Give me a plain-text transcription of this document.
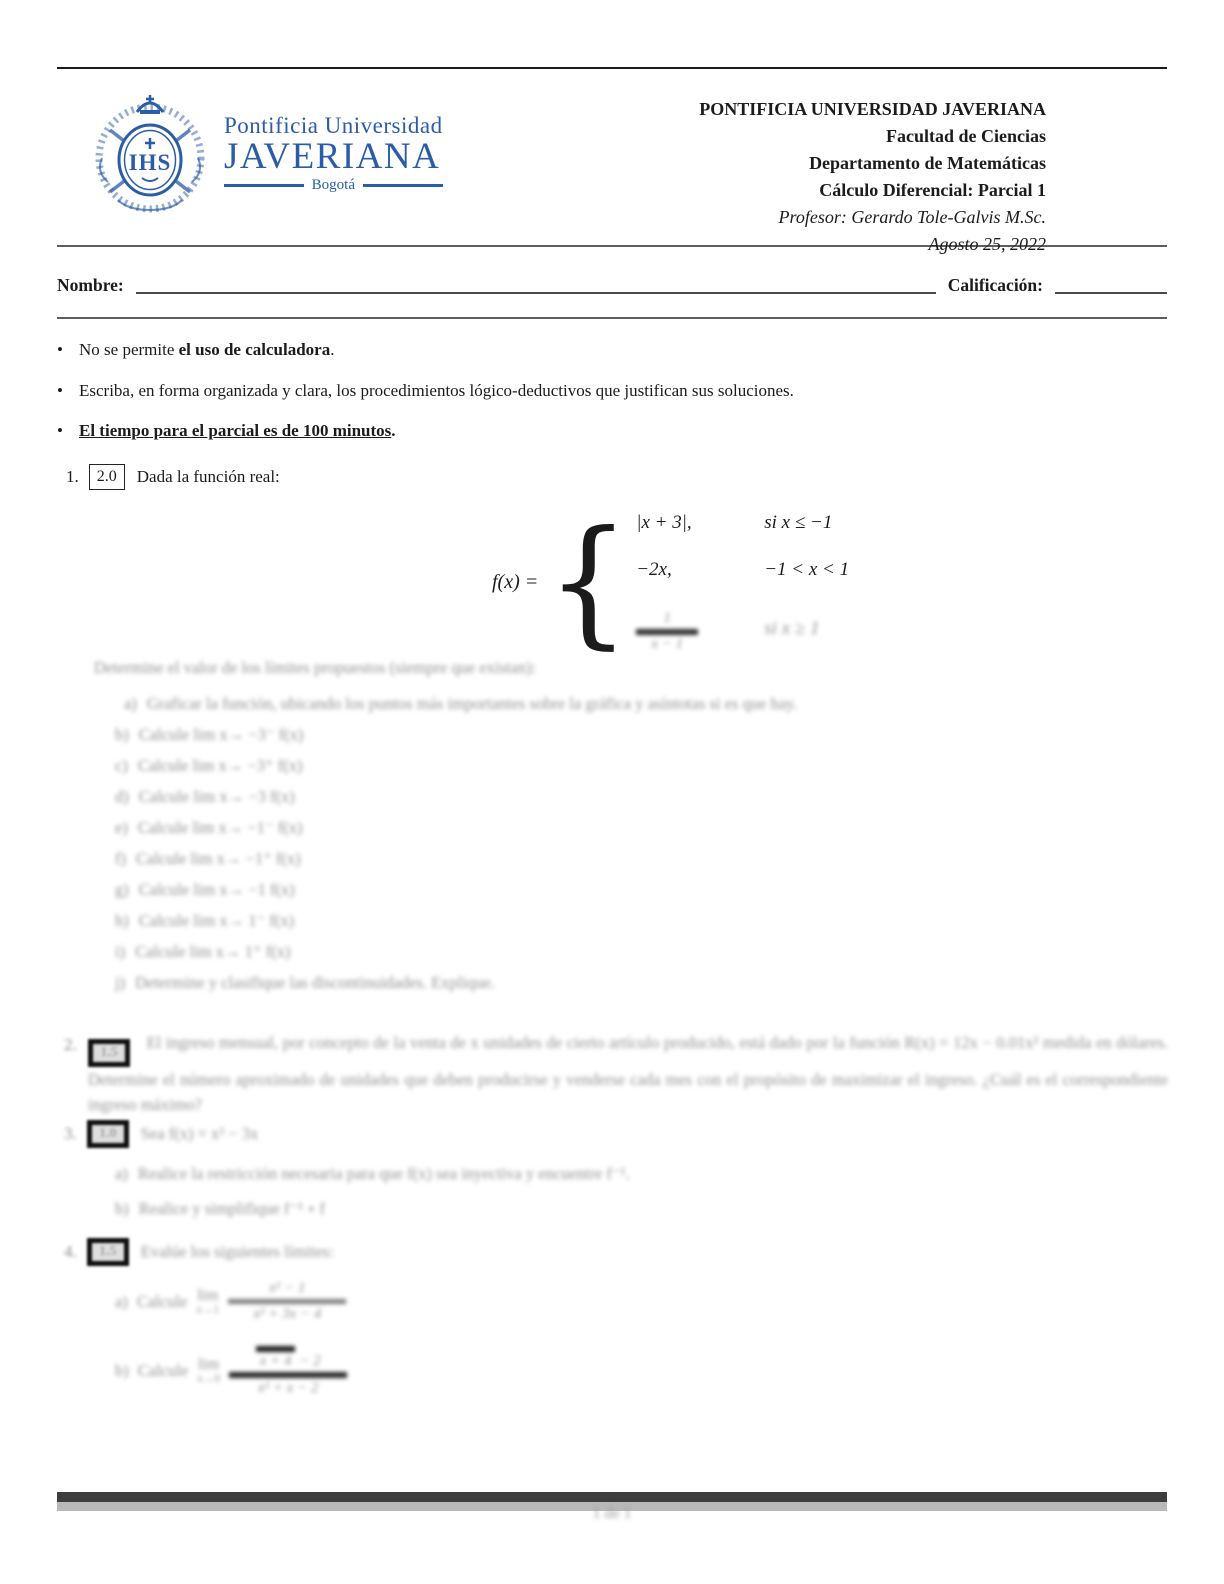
IHS
Pontificia Universidad
JAVERIANA
Bogotá
PONTIFICIA UNIVERSIDAD JAVERIANA
Facultad de Ciencias
Departamento de Matemáticas
Cálculo Diferencial: Parcial 1
Profesor: Gerardo Tole-Galvis M.Sc.
Agosto 25, 2022
Nombre:	Calificación:
•
No se permite el uso de calculadora.
•
Escriba, en forma organizada y clara, los procedimientos lógico-deductivos que justifican sus soluciones.
•
El tiempo para el parcial es de 100 minutos.
1.	2.0	Dada la función real:
f(x) = { |x + 3|,	si x ≤ −1
−2x,	−1 < x < 1
1
x − 1
si x ≥ 1
Determine el valor de los límites propuestos (siempre que existan):
a) Graficar la función, ubicando los puntos más importantes sobre la gráfica y asíntotas si es que hay.
b) Calcule lim x→ −3⁻ f(x)
c) Calcule lim x→ −3⁺ f(x)
d) Calcule lim x→ −3 f(x)
e) Calcule lim x→ −1⁻ f(x)
f) Calcule lim x→ −1⁺ f(x)
g) Calcule lim x→ −1 f(x)
h) Calcule lim x→ 1⁻ f(x)
i) Calcule lim x→ 1⁺ f(x)
j) Determine y clasifique las discontinuidades. Explique.
2. 1.5 El ingreso mensual, por concepto de la venta de x unidades de cierto artículo producido, está dado por la función R(x) = 12x − 0.01x² medida en dólares. Determine el número aproximado de unidades que deben producirse y venderse cada mes con el propósito de maximizar el ingreso. ¿Cuál es el correspondiente ingreso máximo?
3.	1.0	Sea f(x) = x² − 3x
a) Realice la restricción necesaria para que f(x) sea inyectiva y encuentre f⁻¹.
b) Realice y simplifique f⁻¹ ∘ f
4.	1.5	Evalúe los siguientes límites:
a) Calcule lim
x→1
x² − 1
x² + 3x − 4
b) Calcule lim
x→0
x + 4 − 2
x² + x − 2
1 de 1
